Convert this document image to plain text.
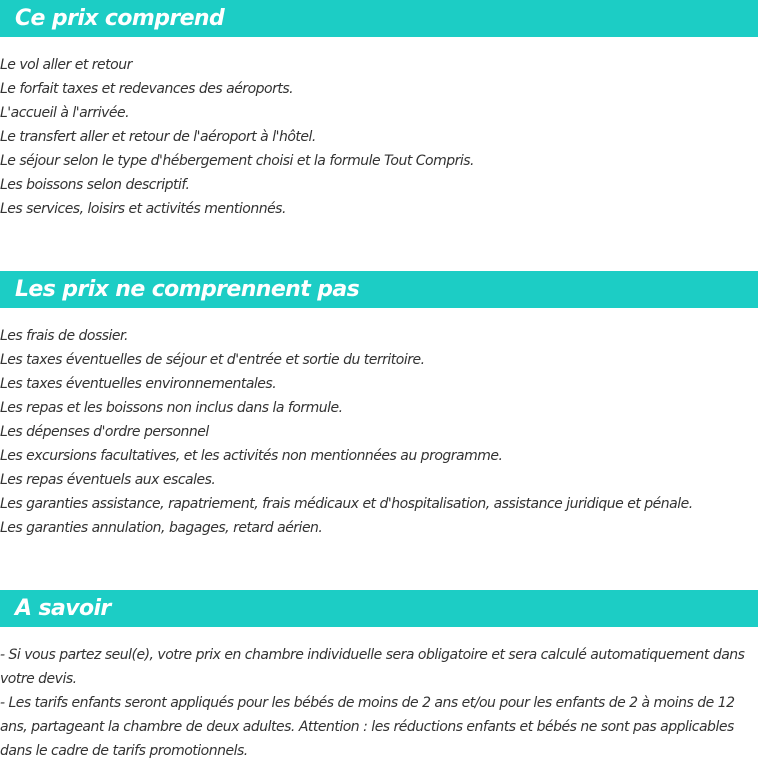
Ce prix comprend
Le vol aller et retour
Le forfait taxes et redevances des aéroports.
L'accueil à l'arrivée.
Le transfert aller et retour de l'aéroport à l'hôtel.
Le séjour selon le type d'hébergement choisi et la formule Tout Compris.
Les boissons selon descriptif.
Les services, loisirs et activités mentionnés.
Les prix ne comprennent pas
Les frais de dossier.
Les taxes éventuelles de séjour et d'entrée et sortie du territoire.
Les taxes éventuelles environnementales.
Les repas et les boissons non inclus dans la formule.
Les dépenses d'ordre personnel
Les excursions facultatives, et les activités non mentionnées au programme.
Les repas éventuels aux escales.
Les garanties assistance, rapatriement, frais médicaux et d'hospitalisation, assistance juridique et pénale.
Les garanties annulation, bagages, retard aérien.
A savoir

- Si vous partez seul(e), votre prix en chambre individuelle sera obligatoire et sera calculé automatiquement dans votre devis.

- Les tarifs enfants seront appliqués pour les bébés de moins de 2 ans et/ou pour les enfants de 2 à moins de 12 ans, partageant la chambre de deux adultes. Attention : les réductions enfants et bébés ne sont pas applicables dans le cadre de tarifs promotionnels.
